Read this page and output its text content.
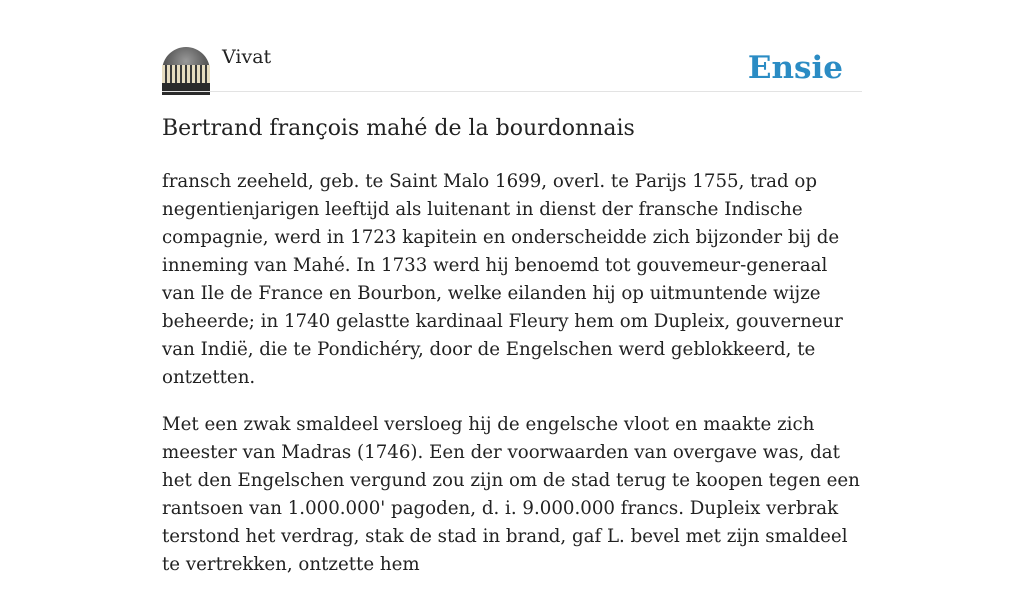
Vivat	Ensie
Bertrand françois mahé de la bourdonnais

fransch zeeheld, geb. te Saint Malo 1699, overl. te Parijs 1755, trad op negentienjarigen leeftijd als luitenant in dienst der fransche Indische compagnie, werd in 1723 kapitein en onderscheidde zich bijzonder bij de inneming van Mahé. In 1733 werd hij benoemd tot gouvemeur-generaal van Ile de France en Bourbon, welke eilanden hij op uitmuntende wijze beheerde; in 1740 gelastte kardinaal Fleury hem om Dupleix, gouverneur van Indië, die te Pondichéry, door de Engelschen werd geblokkeerd, te ontzetten.

Met een zwak smaldeel versloeg hij de engelsche vloot en maakte zich meester van Madras (1746). Een der voorwaarden van overgave was, dat het den Engelschen vergund zou zijn om de stad terug te koopen tegen een rantsoen van 1.000.000' pagoden, d. i. 9.000.000 francs. Dupleix verbrak terstond het verdrag, stak de stad in brand, gaf L. bevel met zijn smaldeel te vertrekken, ontzette hem
